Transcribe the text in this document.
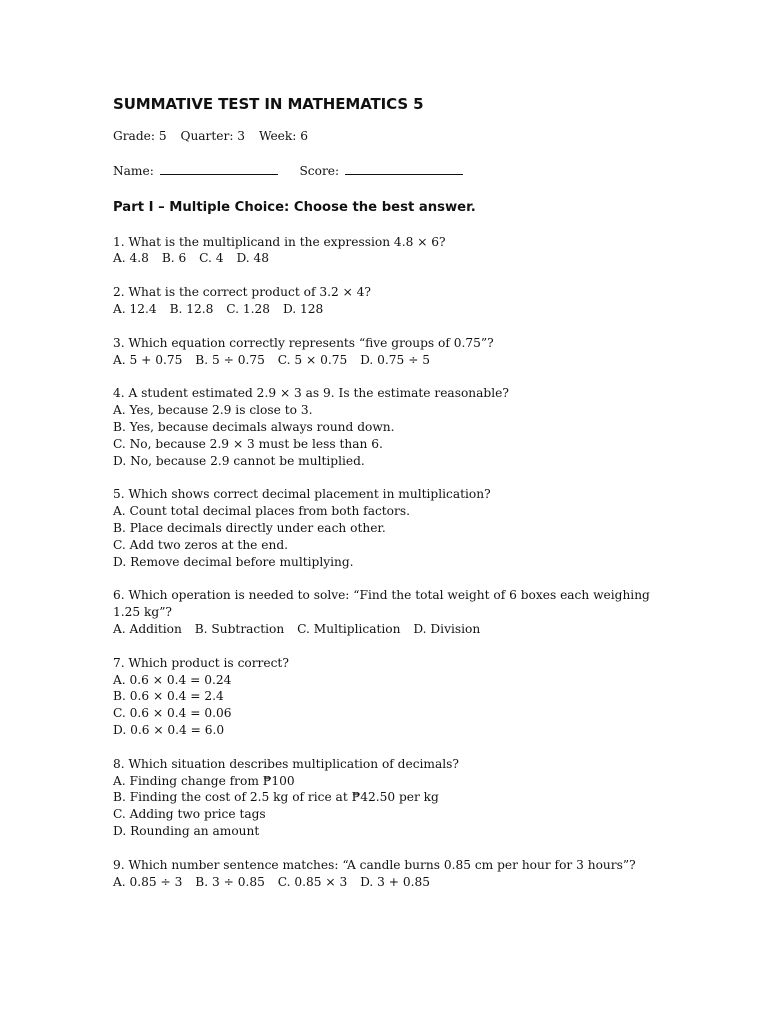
SUMMATIVE TEST IN MATHEMATICS 5
Grade: 5 Quarter: 3 Week: 6
Name:	Score:
Part I – Multiple Choice: Choose the best answer.
1. What is the multiplicand in the expression 4.8 × 6?
A. 4.8 B. 6 C. 4 D. 48
2. What is the correct product of 3.2 × 4?
A. 12.4 B. 12.8 C. 1.28 D. 128
3. Which equation correctly represents “five groups of 0.75”?
A. 5 + 0.75 B. 5 ÷ 0.75 C. 5 × 0.75 D. 0.75 ÷ 5
4. A student estimated 2.9 × 3 as 9. Is the estimate reasonable?
A. Yes, because 2.9 is close to 3.
B. Yes, because decimals always round down.
C. No, because 2.9 × 3 must be less than 6.
D. No, because 2.9 cannot be multiplied.
5. Which shows correct decimal placement in multiplication?
A. Count total decimal places from both factors.
B. Place decimals directly under each other.
C. Add two zeros at the end.
D. Remove decimal before multiplying.
6. Which operation is needed to solve: “Find the total weight of 6 boxes each weighing 1.25 kg”?
A. Addition B. Subtraction C. Multiplication D. Division
7. Which product is correct?
A. 0.6 × 0.4 = 0.24
B. 0.6 × 0.4 = 2.4
C. 0.6 × 0.4 = 0.06
D. 0.6 × 0.4 = 6.0
8. Which situation describes multiplication of decimals?
A. Finding change from ₱100
B. Finding the cost of 2.5 kg of rice at ₱42.50 per kg
C. Adding two price tags
D. Rounding an amount
9. Which number sentence matches: “A candle burns 0.85 cm per hour for 3 hours”?
A. 0.85 ÷ 3 B. 3 ÷ 0.85 C. 0.85 × 3 D. 3 + 0.85
